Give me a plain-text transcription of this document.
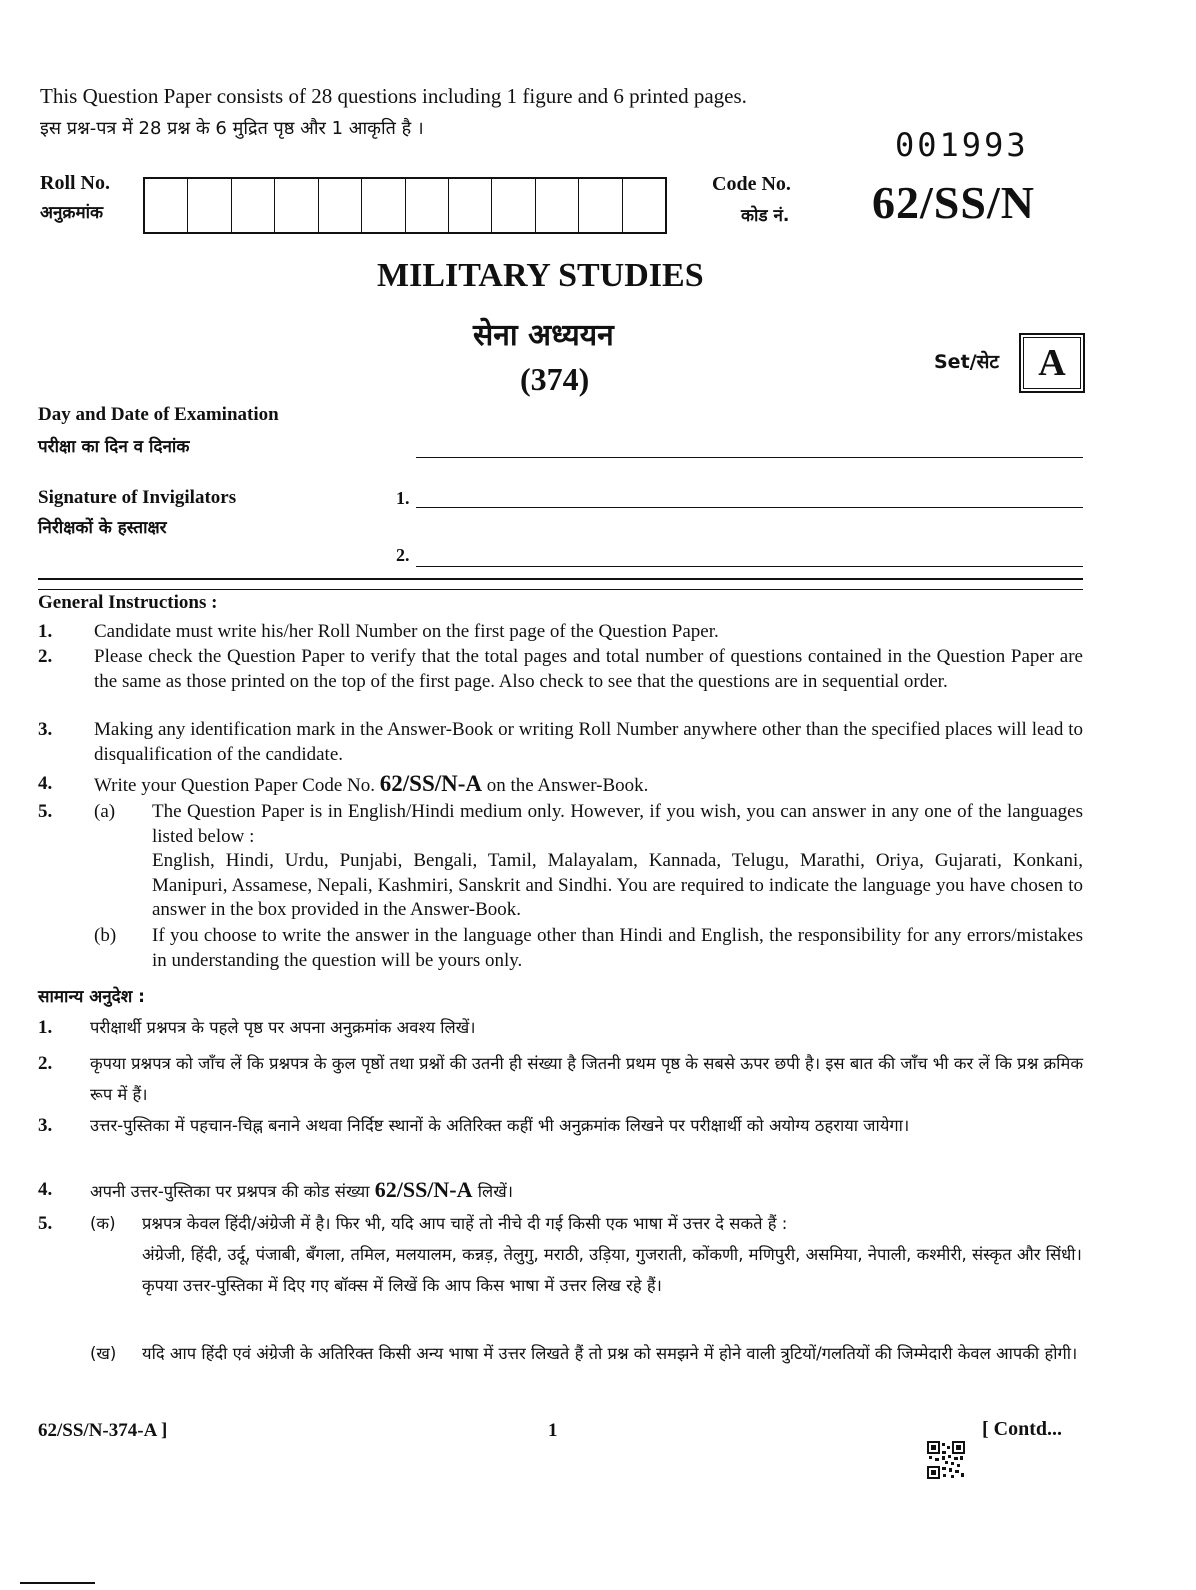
This Question Paper consists of 28 questions including 1 figure and 6 printed pages.
इस प्रश्न-पत्र में 28 प्रश्न के 6 मुद्रित पृष्ठ और 1 आकृति है ।	001993
Roll No.
अनुक्रमांक
Code No.
कोड नं. 62/SS/N
MILITARY STUDIES
सेना अध्ययन
(374)	Set/सेट A
Day and Date of Examination
परीक्षा का दिन व दिनांक
Signature of Invigilators
निरीक्षकों के हस्ताक्षर
1.
2.
General Instructions :
1. Candidate must write his/her Roll Number on the first page of the Question Paper.
2. Please check the Question Paper to verify that the total pages and total number of questions contained in the Question Paper are the same as those printed on the top of the first page. Also check to see that the questions are in sequential order.
3. Making any identification mark in the Answer-Book or writing Roll Number anywhere other than the specified places will lead to disqualification of the candidate.
4. Write your Question Paper Code No. 62/SS/N-A on the Answer-Book.
5. (a) The Question Paper is in English/Hindi medium only. However, if you wish, you can answer in any one of the languages listed below :
English, Hindi, Urdu, Punjabi, Bengali, Tamil, Malayalam, Kannada, Telugu, Marathi, Oriya, Gujarati, Konkani, Manipuri, Assamese, Nepali, Kashmiri, Sanskrit and Sindhi. You are required to indicate the language you have chosen to answer in the box provided in the Answer-Book.
(b) If you choose to write the answer in the language other than Hindi and English, the responsibility for any errors/mistakes in understanding the question will be yours only.
सामान्य अनुदेश :
1. परीक्षार्थी प्रश्नपत्र के पहले पृष्ठ पर अपना अनुक्रमांक अवश्य लिखें।
2. कृपया प्रश्नपत्र को जाँच लें कि प्रश्नपत्र के कुल पृष्ठों तथा प्रश्नों की उतनी ही संख्या है जितनी प्रथम पृष्ठ के सबसे ऊपर छपी है। इस बात की जाँच भी कर लें कि प्रश्न क्रमिक रूप में हैं।
3. उत्तर-पुस्तिका में पहचान-चिह्न बनाने अथवा निर्दिष्ट स्थानों के अतिरिक्त कहीं भी अनुक्रमांक लिखने पर परीक्षार्थी को अयोग्य ठहराया जायेगा।
4. अपनी उत्तर-पुस्तिका पर प्रश्नपत्र की कोड संख्या 62/SS/N-A लिखें।
5. (क) प्रश्नपत्र केवल हिंदी/अंग्रेजी में है। फिर भी, यदि आप चाहें तो नीचे दी गई किसी एक भाषा में उत्तर दे सकते हैं :
अंग्रेजी, हिंदी, उर्दू, पंजाबी, बँगला, तमिल, मलयालम, कन्नड़, तेलुगु, मराठी, उड़िया, गुजराती, कोंकणी, मणिपुरी, असमिया, नेपाली, कश्मीरी, संस्कृत और सिंधी।
कृपया उत्तर-पुस्तिका में दिए गए बॉक्स में लिखें कि आप किस भाषा में उत्तर लिख रहे हैं।
(ख) यदि आप हिंदी एवं अंग्रेजी के अतिरिक्त किसी अन्य भाषा में उत्तर लिखते हैं तो प्रश्न को समझने में होने वाली त्रुटियों/गलतियों की जिम्मेदारी केवल आपकी होगी।
62/SS/N-374-A ]	1	[ Contd...
